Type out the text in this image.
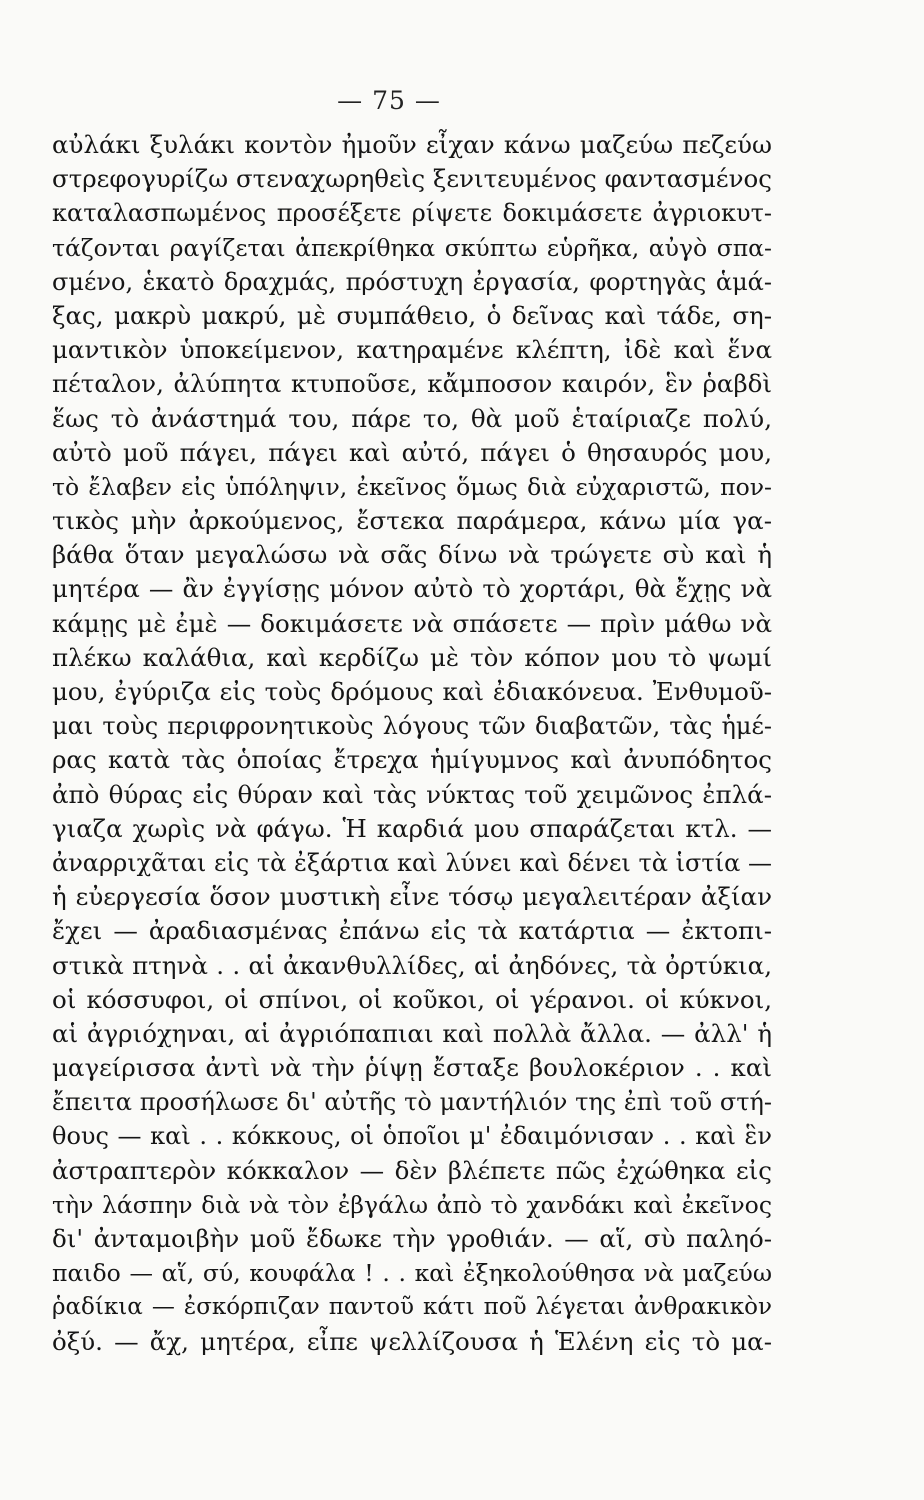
— 75 —
αὐλάκι ξυλάκι κοντὸν ἠμοῦν εἶχαν κάνω μαζεύω πεζεύω
στρεφογυρίζω στεναχωρηθεὶς ξενιτευμένος φαντασμένος
καταλασπωμένος προσέξετε ρίψετε δοκιμάσετε ἀγριοκυτ-
τάζονται ραγίζεται ἀπεκρίθηκα σκύπτω εὑρῆκα, αὐγὸ σπα-
σμένο, ἑκατὸ δραχμάς, πρόστυχη ἐργασία, φορτηγὰς ἁμά-
ξας, μακρὺ μακρύ, μὲ συμπάθειο, ὁ δεῖνας καὶ τάδε, ση-
μαντικὸν ὑποκείμενον, κατηραμένε κλέπτη, ἰδὲ καὶ ἕνα
πέταλον, ἀλύπητα κτυποῦσε, κἄμποσον καιρόν, ἓν ῥαβδὶ
ἕως τὸ ἀνάστημά του, πάρε το, θὰ μοῦ ἑταίριαζε πολύ,
αὐτὸ μοῦ πάγει, πάγει καὶ αὐτό, πάγει ὁ θησαυρός μου,
τὸ ἔλαβεν εἰς ὑπόληψιν, ἐκεῖνος ὅμως διὰ εὐχαριστῶ, πον-
τικὸς μὴν ἀρκούμενος, ἔστεκα παράμερα, κάνω μία γα-
βάθα ὅταν μεγαλώσω νὰ σᾶς δίνω νὰ τρώγετε σὺ καὶ ἡ
μητέρα — ἂν ἐγγίσῃς μόνον αὐτὸ τὸ χορτάρι, θὰ ἔχῃς νὰ
κάμῃς μὲ ἐμὲ — δοκιμάσετε νὰ σπάσετε — πρὶν μάθω νὰ
πλέκω καλάθια, καὶ κερδίζω μὲ τὸν κόπον μου τὸ ψωμί
μου, ἐγύριζα εἰς τοὺς δρόμους καὶ ἐδιακόνευα. Ἐνθυμοῦ-
μαι τοὺς περιφρονητικοὺς λόγους τῶν διαβατῶν, τὰς ἡμέ-
ρας κατὰ τὰς ὁποίας ἔτρεχα ἡμίγυμνος καὶ ἀνυπόδητος
ἀπὸ θύρας εἰς θύραν καὶ τὰς νύκτας τοῦ χειμῶνος ἐπλά-
γιαζα χωρὶς νὰ φάγω. Ἡ καρδιά μου σπαράζεται κτλ. —
ἀναρριχᾶται εἰς τὰ ἐξάρτια καὶ λύνει καὶ δένει τὰ ἱστία —
ἡ εὐεργεσία ὅσον μυστικὴ εἶνε τόσῳ μεγαλειτέραν ἀξίαν
ἔχει — ἀραδιασμένας ἐπάνω εἰς τὰ κατάρτια — ἐκτοπι-
στικὰ πτηνὰ . . αἱ ἀκανθυλλίδες, αἱ ἀηδόνες, τὰ ὀρτύκια,
οἱ κόσσυφοι, οἱ σπίνοι, οἱ κοῦκοι, οἱ γέρανοι. οἱ κύκνοι,
αἱ ἀγριόχηναι, αἱ ἀγριόπαπιαι καὶ πολλὰ ἄλλα. — ἀλλ' ἡ
μαγείρισσα ἀντὶ νὰ τὴν ῥίψῃ ἔσταξε βουλοκέριον . . καὶ
ἔπειτα προσήλωσε δι' αὐτῆς τὸ μαντήλιόν της ἐπὶ τοῦ στή-
θους — καὶ . . κόκκους, οἱ ὁποῖοι μ' ἐδαιμόνισαν . . καὶ ἓν
ἀστραπτερὸν κόκκαλον — δὲν βλέπετε πῶς ἐχώθηκα εἰς
τὴν λάσπην διὰ νὰ τὸν ἐβγάλω ἀπὸ τὸ χανδάκι καὶ ἐκεῖνος
δι' ἀνταμοιβὴν μοῦ ἔδωκε τὴν γροθιάν. — αἵ, σὺ παληό-
παιδο — αἵ, σύ, κουφάλα ! . . καὶ ἐξηκολούθησα νὰ μαζεύω
ῥαδίκια — ἐσκόρπιζαν παντοῦ κάτι ποῦ λέγεται ἀνθρακικὸν
ὀξύ. — ἄχ, μητέρα, εἶπε ψελλίζουσα ἡ Ἑλένη εἰς τὸ μα-
